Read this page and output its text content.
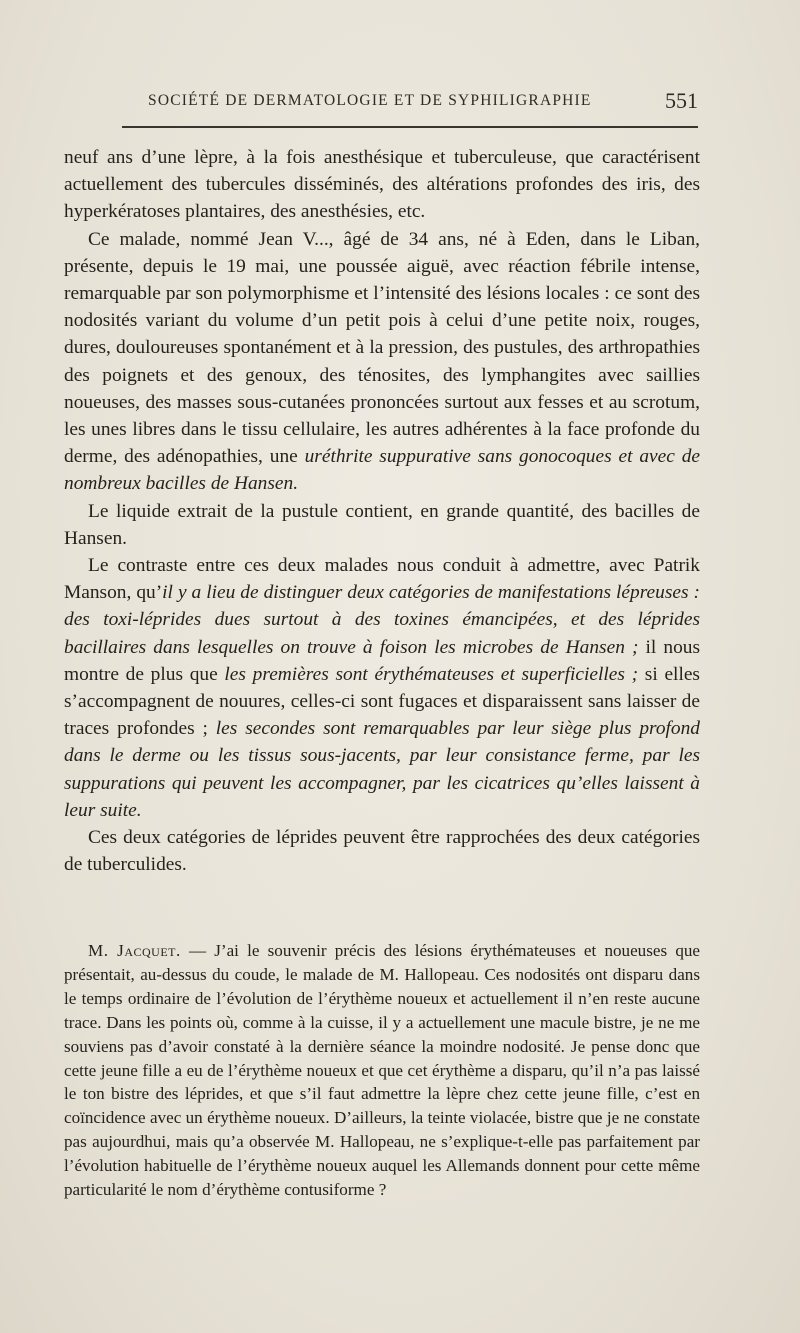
SOCIÉTÉ DE DERMATOLOGIE ET DE SYPHILIGRAPHIE	551

neuf ans d’une lèpre, à la fois anesthésique et tuberculeuse, que caractérisent actuellement des tubercules disséminés, des altérations profondes des iris, des hyperkératoses plantaires, des anesthésies, etc.

Ce malade, nommé Jean V..., âgé de 34 ans, né à Eden, dans le Liban, présente, depuis le 19 mai, une poussée aiguë, avec réaction fébrile intense, remarquable par son polymorphisme et l’intensité des lésions locales : ce sont des nodosités variant du volume d’un petit pois à celui d’une petite noix, rouges, dures, douloureuses spontanément et à la pression, des pustules, des arthropathies des poignets et des genoux, des ténosites, des lymphangites avec saillies noueuses, des masses sous-cutanées prononcées surtout aux fesses et au scrotum, les unes libres dans le tissu cellulaire, les autres adhérentes à la face profonde du derme, des adénopathies, une uréthrite suppurative sans gonocoques et avec de nombreux bacilles de Hansen.

Le liquide extrait de la pustule contient, en grande quantité, des bacilles de Hansen.

Le contraste entre ces deux malades nous conduit à admettre, avec Patrik Manson, qu’il y a lieu de distinguer deux catégories de manifestations lépreuses : des toxi-léprides dues surtout à des toxines émancipées, et des léprides bacillaires dans lesquelles on trouve à foison les microbes de Hansen ; il nous montre de plus que les premières sont érythémateuses et superficielles ; si elles s’accompagnent de nouures, celles-ci sont fugaces et disparaissent sans laisser de traces profondes ; les secondes sont remarquables par leur siège plus profond dans le derme ou les tissus sous-jacents, par leur consistance ferme, par les suppurations qui peuvent les accompagner, par les cicatrices qu’elles laissent à leur suite.

Ces deux catégories de léprides peuvent être rapprochées des deux catégories de tuberculides.

M. Jacquet. — J’ai le souvenir précis des lésions érythémateuses et noueuses que présentait, au-dessus du coude, le malade de M. Hallopeau. Ces nodosités ont disparu dans le temps ordinaire de l’évolution de l’érythème noueux et actuellement il n’en reste aucune trace. Dans les points où, comme à la cuisse, il y a actuellement une macule bistre, je ne me souviens pas d’avoir constaté à la dernière séance la moindre nodosité. Je pense donc que cette jeune fille a eu de l’érythème noueux et que cet érythème a disparu, qu’il n’a pas laissé le ton bistre des léprides, et que s’il faut admettre la lèpre chez cette jeune fille, c’est en coïncidence avec un érythème noueux. D’ailleurs, la teinte violacée, bistre que je ne constate pas aujourdhui, mais qu’a observée M. Hallopeau, ne s’explique-t-elle pas parfaitement par l’évolution habituelle de l’érythème noueux auquel les Allemands donnent pour cette même particularité le nom d’érythème contusiforme ?
